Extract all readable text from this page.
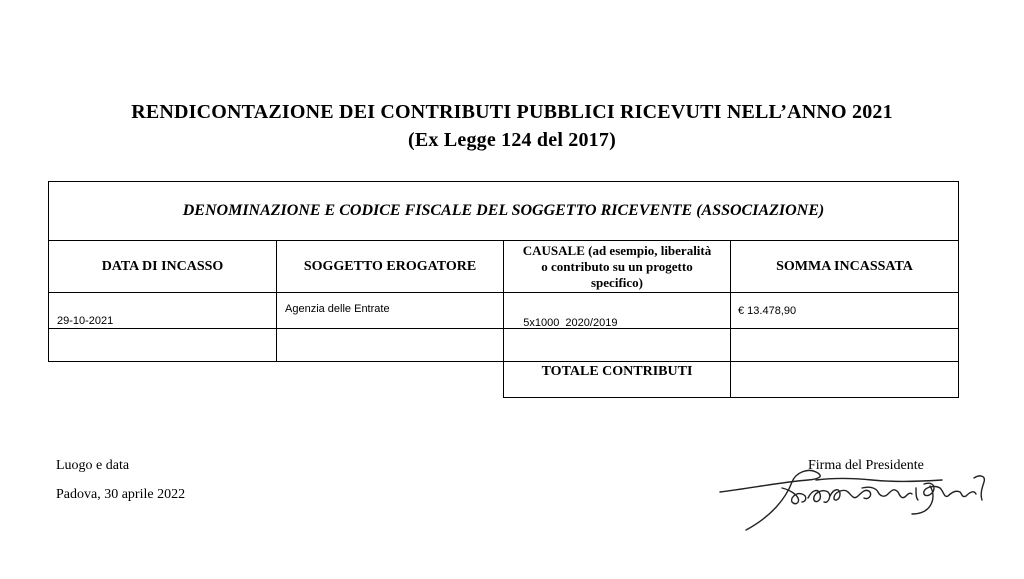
RENDICONTAZIONE DEI CONTRIBUTI PUBBLICI RICEVUTI NELL’ANNO 2021
(Ex Legge 124 del 2017)
DENOMINAZIONE E CODICE FISCALE DEL SOGGETTO RICEVENTE (ASSOCIAZIONE)
DATA DI INCASSO	SOGGETTO EROGATORE
CAUSALE (ad esempio, liberalità o contributo su un progetto specifico)
SOMMA INCASSATA
29-10-2021
Agenzia delle Entrate

5x1000  2020/2019

€ 13.478,90
TOTALE CONTRIBUTI
Luogo e data
Padova, 30 aprile 2022
Firma del Presidente
